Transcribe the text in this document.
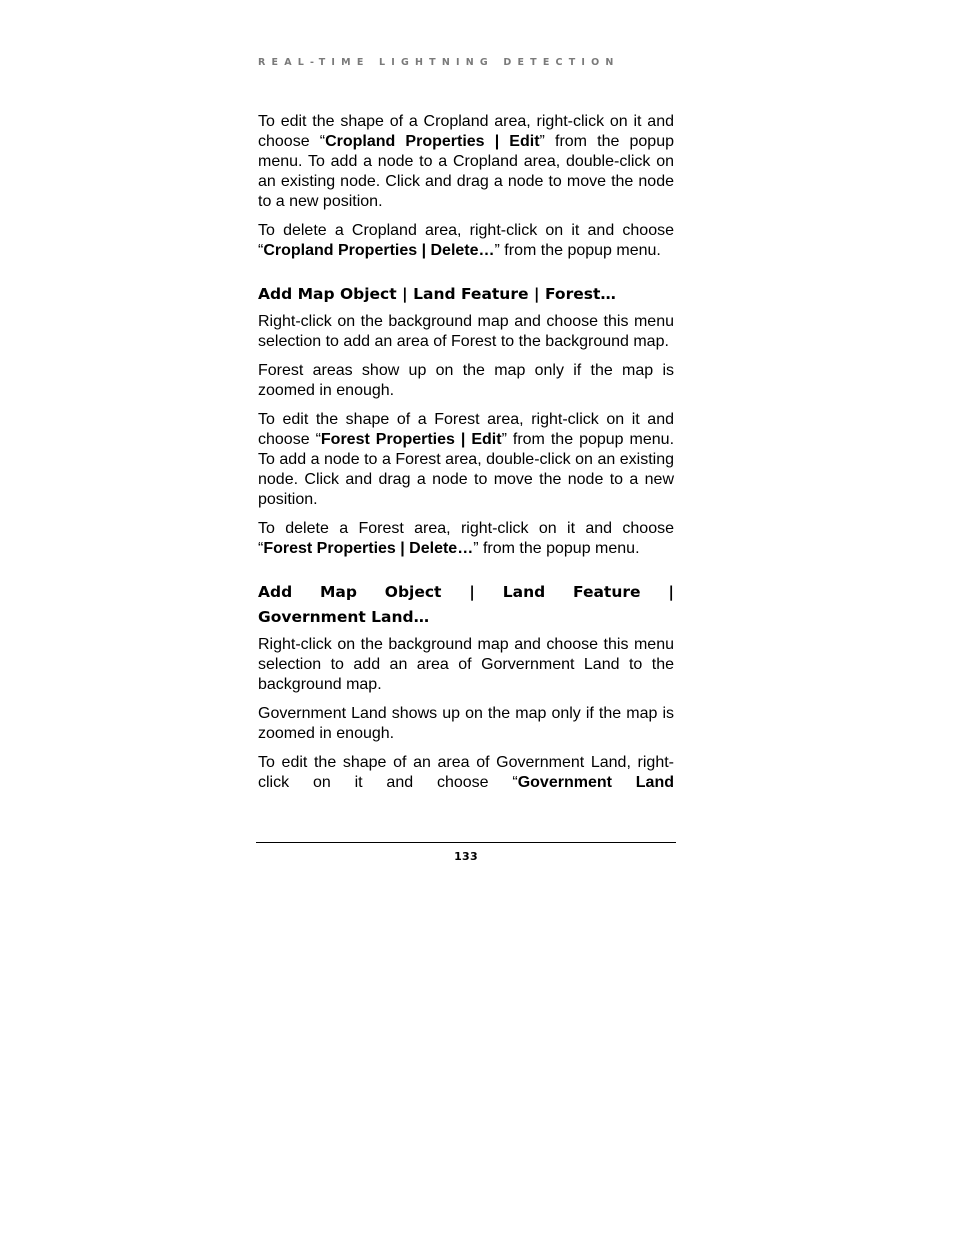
REAL-TIME LIGHTNING DETECTION

To edit the shape of a Cropland area, right-click on it and choose “Cropland Properties | Edit” from the popup menu. To add a node to a Cropland area, double-click on an existing node. Click and drag a node to move the node to a new position.

To delete a Cropland area, right-click on it and choose “Cropland Properties | Delete…” from the popup menu.

Add Map Object | Land Feature | Forest…

Right-click on the background map and choose this menu selection to add an area of Forest to the background map.

Forest areas show up on the map only if the map is zoomed in enough.

To edit the shape of a Forest area, right-click on it and choose “Forest Properties | Edit” from the popup menu. To add a node to a Forest area, double-click on an existing node. Click and drag a node to move the node to a new position.

To delete a Forest area, right-click on it and choose “Forest Properties | Delete…” from the popup menu.

Add Map Object | Land Feature |
Government Land…

Right-click on the background map and choose this menu selection to add an area of Gorvernment Land to the background map.

Government Land shows up on the map only if the map is zoomed in enough.

To edit the shape of an area of Government Land, right-click on it and choose “Government Land

133
